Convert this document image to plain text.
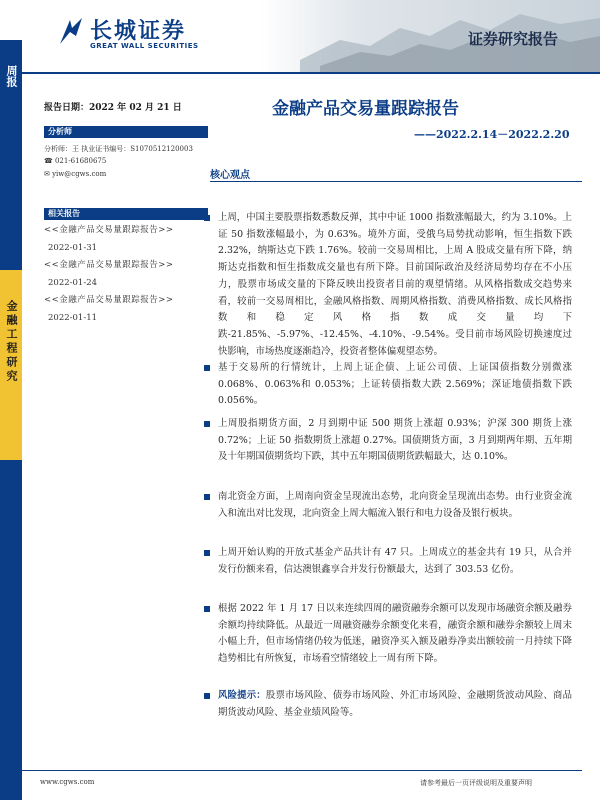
长城证券
GREAT WALL SECURITIES	证券研究报告
周报
金融工程研究
报告日期：2022 年 02 月 21 日
分析师
分析师：王 执业证书编号：S1070512120003
☎ 021-61680675
✉ yiw@cgws.com
相关报告
<<金融产品交易量跟踪报告>>
2022-01-31
<<金融产品交易量跟踪报告>>
2022-01-24
<<金融产品交易量跟踪报告>>
2022-01-11
金融产品交易量跟踪报告
——2022.2.14－2022.2.20
核心观点
上周，中国主要股票指数悉数反弹，其中中证 1000 指数涨幅最大，约为 3.10%。上证 50 指数涨幅最小，为 0.63%。境外方面，受俄乌局势扰动影响，恒生指数下跌 2.32%，纳斯达克下跌 1.76%。较前一交易周相比，上周 A 股成交量有所下降，纳斯达克指数和恒生指数成交量也有所下降。目前国际政治及经济局势均存在不小压力，股票市场成交量的下降反映出投资者目前的观望情绪。从风格指数成交趋势来看，较前一交易周相比，金融风格指数、周期风格指数、消费风格指数、成长风格指数和稳定风格指数成交量均下跌-21.85%、-5.97%、-12.45%、-4.10%、-9.54%。受目前市场风险切换速度过快影响，市场热度逐渐趋冷，投资者整体偏观望态势。
基于交易所的行情统计，上周上证企债、上证公司债、上证国债指数分别微涨 0.068%、0.063%和 0.053%；上证转债指数大跌 2.569%；深证地债指数下跌 0.056%。
上周股指期货方面，2 月到期中证 500 期货上涨超 0.93%；沪深 300 期货上涨 0.72%；上证 50 指数期货上涨超 0.27%。国债期货方面，3 月到期两年期、五年期及十年期国债期货均下跌，其中五年期国债期货跌幅最大，达 0.10%。
南北资金方面，上周南向资金呈现流出态势，北向资金呈现流出态势。由行业资金流入和流出对比发现，北向资金上周大幅流入银行和电力设备及银行板块。
上周开始认购的开放式基金产品共计有 47 只。上周成立的基金共有 19 只，从合并发行份额来看，信达澳银鑫享合并发行份额最大，达到了 303.53 亿份。
根据 2022 年 1 月 17 日以来连续四周的融资融券余额可以发现市场融资余额及融券余额均持续降低。从最近一周融资融券余额变化来看，融资余额和融券余额较上周末小幅上升，但市场情绪仍较为低迷，融资净买入额及融券净卖出额较前一月持续下降趋势相比有所恢复，市场看空情绪较上一周有所下降。
风险提示：股票市场风险、债券市场风险、外汇市场风险、金融期货波动风险、商品期货波动风险、基金业绩风险等。
www.cgws.com	请参考最后一页评级说明及重要声明
